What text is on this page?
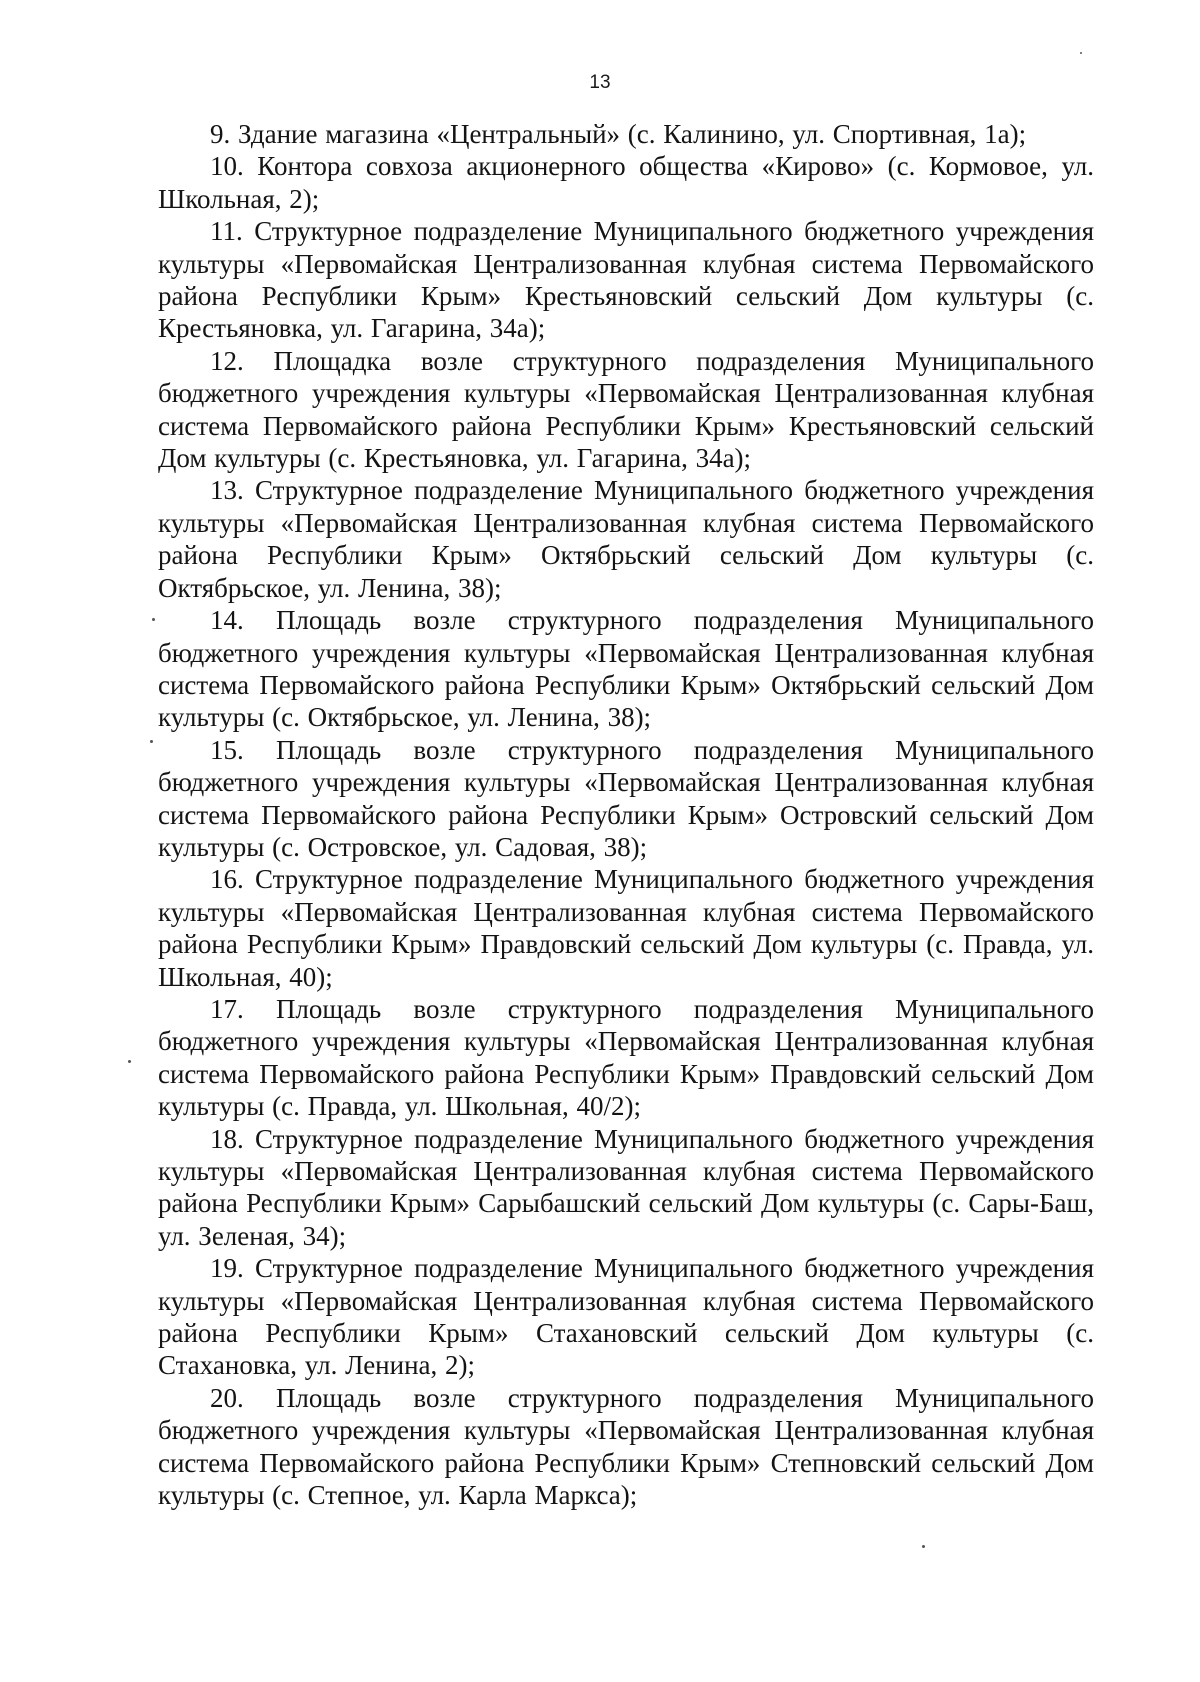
13

9. Здание магазина «Центральный» (с. Калинино, ул. Спортивная, 1а);

10. Контора совхоза акционерного общества «Кирово» (с. Кормовое, ул. Школьная, 2);

11. Структурное подразделение Муниципального бюджетного учреждения культуры «Первомайская Централизованная клубная система Первомайского района Республики Крым» Крестьяновский сельский Дом культуры (с. Крестьяновка, ул. Гагарина, 34а);

12. Площадка возле структурного подразделения Муниципального бюджетного учреждения культуры «Первомайская Централизованная клубная система Первомайского района Республики Крым» Крестьяновский сельский Дом культуры (с. Крестьяновка, ул. Гагарина, 34а);

13. Структурное подразделение Муниципального бюджетного учреждения культуры «Первомайская Централизованная клубная система Первомайского района Республики Крым» Октябрьский сельский Дом культуры (с. Октябрьское, ул. Ленина, 38);

14. Площадь возле структурного подразделения Муниципального бюджетного учреждения культуры «Первомайская Централизованная клубная система Первомайского района Республики Крым» Октябрьский сельский Дом культуры (с. Октябрьское, ул. Ленина, 38);

15. Площадь возле структурного подразделения Муниципального бюджетного учреждения культуры «Первомайская Централизованная клубная система Первомайского района Республики Крым» Островский сельский Дом культуры (с. Островское, ул. Садовая, 38);

16. Структурное подразделение Муниципального бюджетного учреждения культуры «Первомайская Централизованная клубная система Первомайского района Республики Крым» Правдовский сельский Дом культуры (с. Правда, ул. Школьная, 40);

17. Площадь возле структурного подразделения Муниципального бюджетного учреждения культуры «Первомайская Централизованная клубная система Первомайского района Республики Крым» Правдовский сельский Дом культуры (с. Правда, ул. Школьная, 40/2);

18. Структурное подразделение Муниципального бюджетного учреждения культуры «Первомайская Централизованная клубная система Первомайского района Республики Крым» Сарыбашский сельский Дом культуры (с. Сары-Баш, ул. Зеленая, 34);

19. Структурное подразделение Муниципального бюджетного учреждения культуры «Первомайская Централизованная клубная система Первомайского района Республики Крым» Стахановский сельский Дом культуры (с. Стахановка, ул. Ленина, 2);

20. Площадь возле структурного подразделения Муниципального бюджетного учреждения культуры «Первомайская Централизованная клубная система Первомайского района Республики Крым» Степновский сельский Дом культуры (с. Степное, ул. Карла Маркса);
